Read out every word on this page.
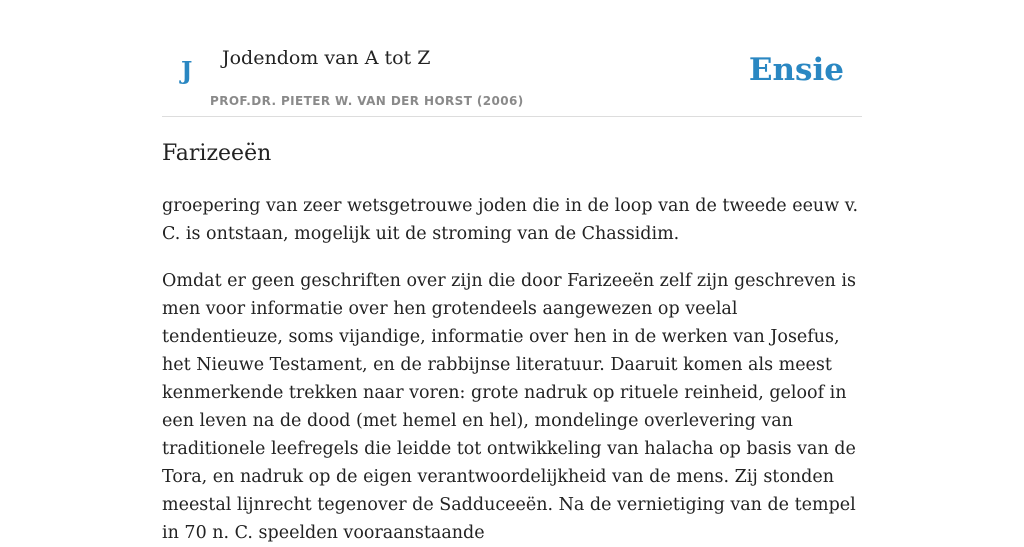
J Jodendom van A tot Z
PROF.DR. PIETER W. VAN DER HORST (2006)
Ensie
Farizeeën

groepering van zeer wetsgetrouwe joden die in de loop van de tweede eeuw v. C. is ontstaan, mogelijk uit de stroming van de Chassidim.

Omdat er geen geschriften over zijn die door Farizeeën zelf zijn geschreven is men voor informatie over hen grotendeels aangewezen op veelal tendentieuze, soms vijandige, informatie over hen in de werken van Josefus, het Nieuwe Testament, en de rabbijnse literatuur. Daaruit komen als meest kenmerkende trekken naar voren: grote nadruk op rituele reinheid, geloof in een leven na de dood (met hemel en hel), mondelinge overlevering van traditionele leefregels die leidde tot ontwikkeling van halacha op basis van de Tora, en nadruk op de eigen verantwoordelijkheid van de mens. Zij stonden meestal lijnrecht tegenover de Sadduceeën. Na de vernietiging van de tempel in 70 n. C. speelden vooraanstaande
